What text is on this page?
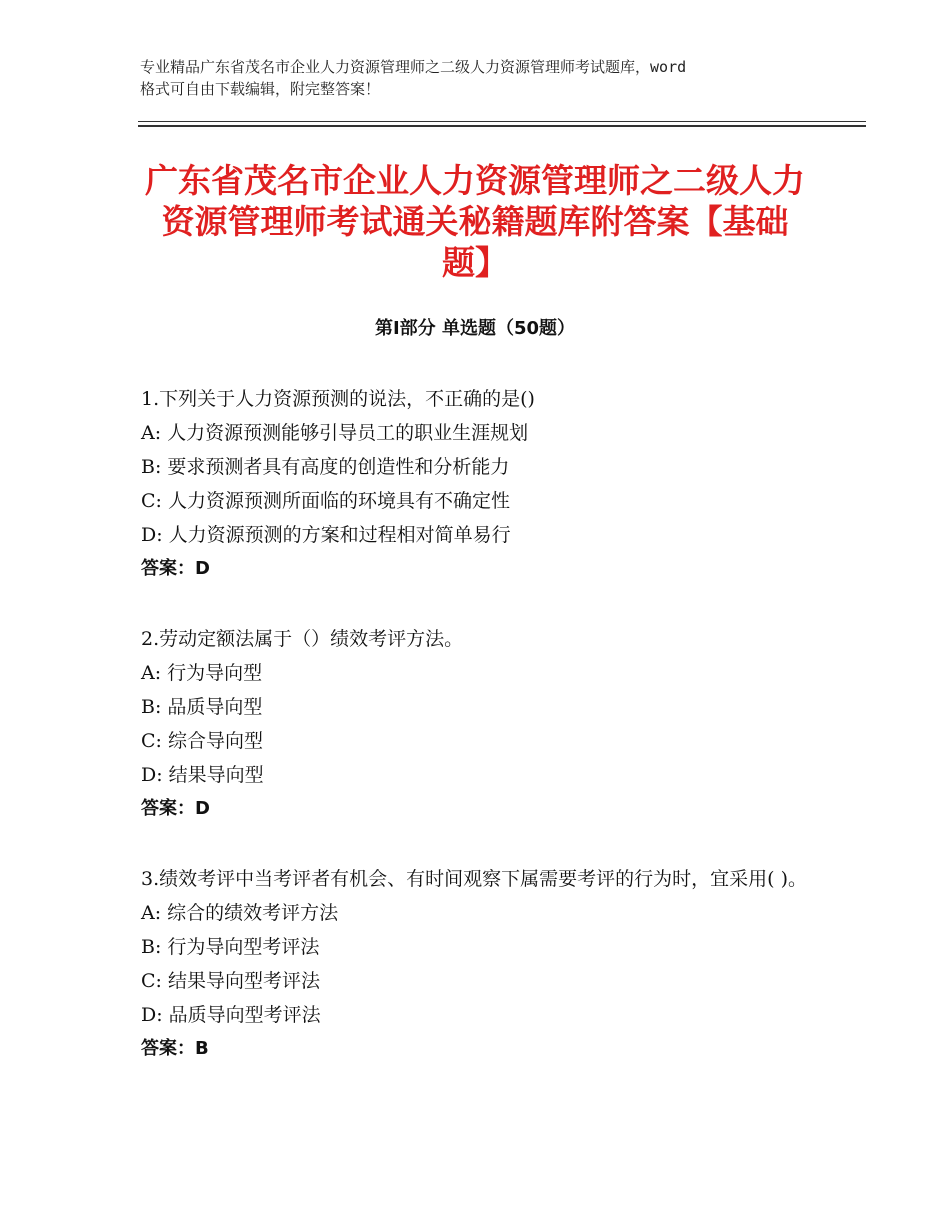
专业精品广东省茂名市企业人力资源管理师之二级人力资源管理师考试题库，word
格式可自由下载编辑，附完整答案！
广东省茂名市企业人力资源管理师之二级人力资源管理师考试通关秘籍题库附答案【基础题】
第Ⅰ部分 单选题（50题）
1.下列关于人力资源预测的说法，不正确的是()
A: 人力资源预测能够引导员工的职业生涯规划
B: 要求预测者具有高度的创造性和分析能力
C: 人力资源预测所面临的环境具有不确定性
D: 人力资源预测的方案和过程相对简单易行
答案：D
2.劳动定额法属于（）绩效考评方法。
A: 行为导向型
B: 品质导向型
C: 综合导向型
D: 结果导向型
答案：D
3.绩效考评中当考评者有机会、有时间观察下属需要考评的行为时，宜采用( )。
A: 综合的绩效考评方法
B: 行为导向型考评法
C: 结果导向型考评法
D: 品质导向型考评法
答案：B
